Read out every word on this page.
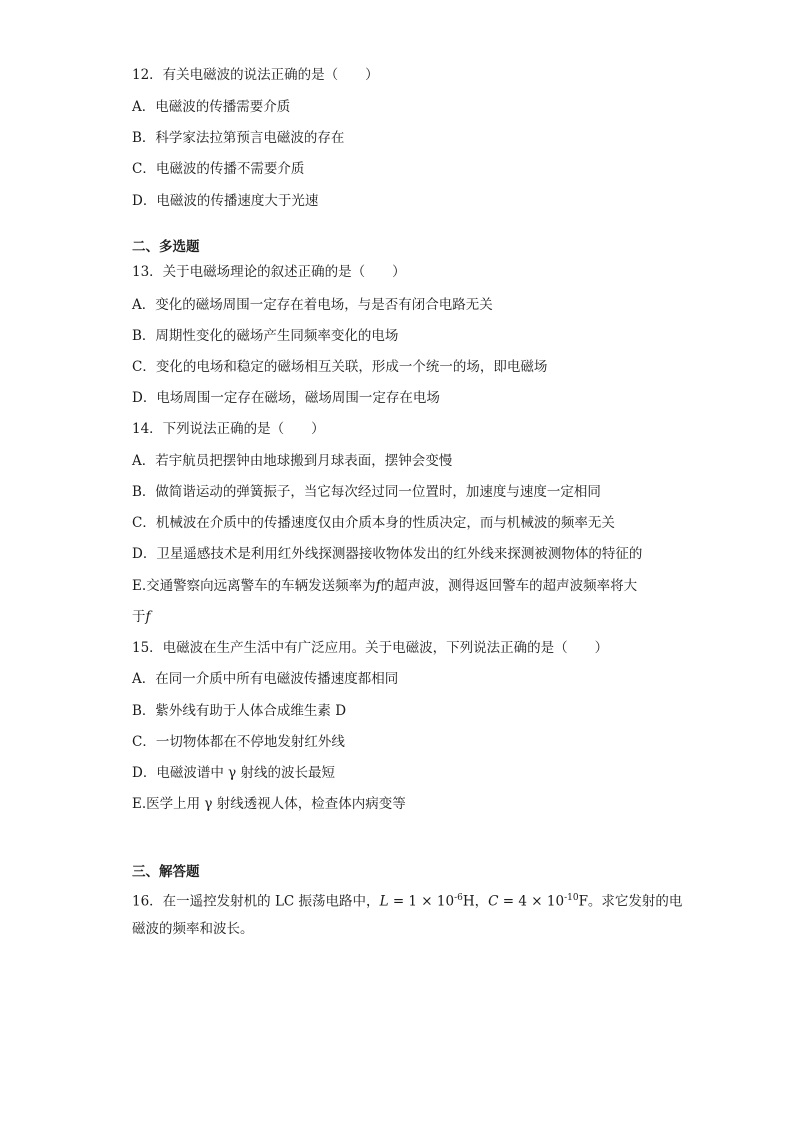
12．有关电磁波的说法正确的是（　　）
A．电磁波的传播需要介质
B．科学家法拉第预言电磁波的存在
C．电磁波的传播不需要介质
D．电磁波的传播速度大于光速
二、多选题
13．关于电磁场理论的叙述正确的是（　　）
A．变化的磁场周围一定存在着电场，与是否有闭合电路无关
B．周期性变化的磁场产生同频率变化的电场
C．变化的电场和稳定的磁场相互关联，形成一个统一的场，即电磁场
D．电场周围一定存在磁场，磁场周围一定存在电场
14．下列说法正确的是（　　）
A．若宇航员把摆钟由地球搬到月球表面，摆钟会变慢
B．做简谐运动的弹簧振子，当它每次经过同一位置时，加速度与速度一定相同
C．机械波在介质中的传播速度仅由介质本身的性质决定，而与机械波的频率无关
D．卫星遥感技术是利用红外线探测器接收物体发出的红外线来探测被测物体的特征的
E.交通警察向远离警车的车辆发送频率为f的超声波，测得返回警车的超声波频率将大
于f
15．电磁波在生产生活中有广泛应用。关于电磁波，下列说法正确的是（　　）
A．在同一介质中所有电磁波传播速度都相同
B．紫外线有助于人体合成维生素 D
C．一切物体都在不停地发射红外线
D．电磁波谱中 γ 射线的波长最短
E.医学上用 γ 射线透视人体，检查体内病变等
三、解答题
16．在一遥控发射机的 LC 振荡电路中，$L = 1 \times 10^{-6}H$，$C = 4 \times 10^{-10}F$。求它发射的电
磁波的频率和波长。
